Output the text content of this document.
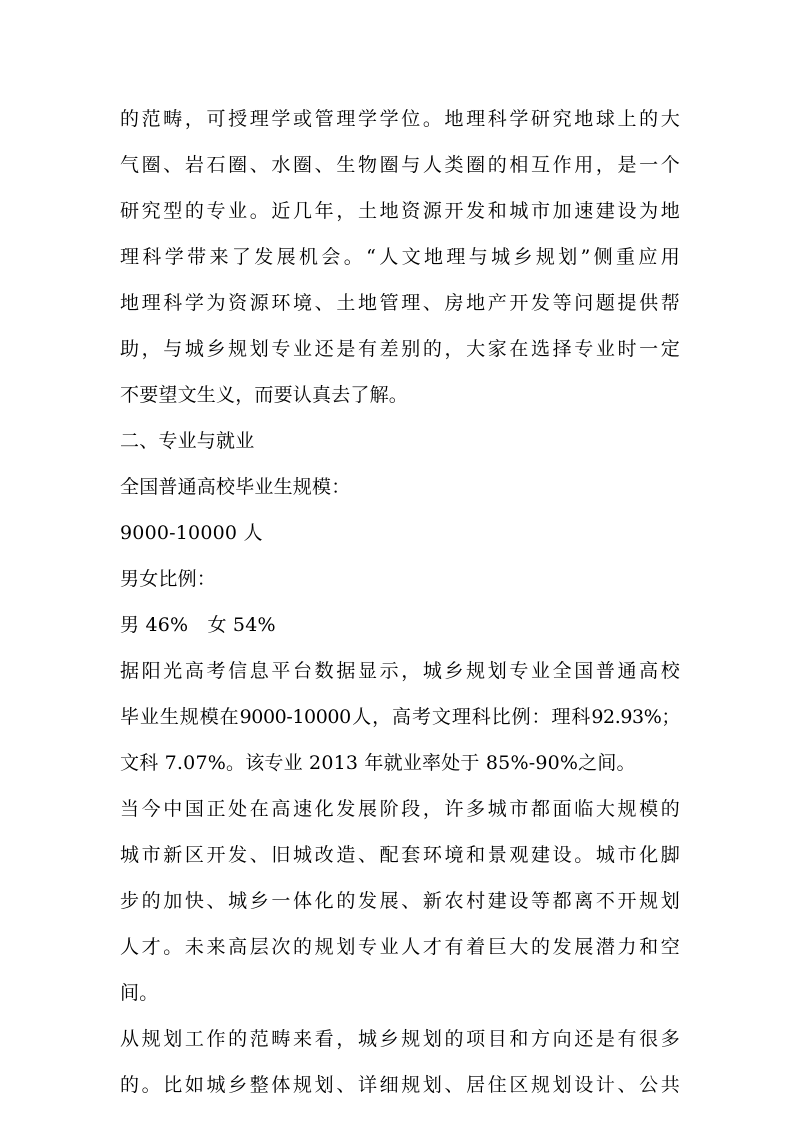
的范畴，可授理学或管理学学位。地理科学研究地球上的大
气圈、岩石圈、水圈、生物圈与人类圈的相互作用，是一个
研究型的专业。近几年，土地资源开发和城市加速建设为地
理科学带来了发展机会。“人文地理与城乡规划”侧重应用
地理科学为资源环境、土地管理、房地产开发等问题提供帮
助，与城乡规划专业还是有差别的，大家在选择专业时一定
不要望文生义，而要认真去了解。
二、专业与就业
全国普通高校毕业生规模：
9000-10000 人
男女比例：
男 46%　女 54%
据阳光高考信息平台数据显示，城乡规划专业全国普通高校
毕业生规模在9000-10000人，高考文理科比例：理科92.93%；
文科 7.07%。该专业 2013 年就业率处于 85%-90%之间。
当今中国正处在高速化发展阶段，许多城市都面临大规模的
城市新区开发、旧城改造、配套环境和景观建设。城市化脚
步的加快、城乡一体化的发展、新农村建设等都离不开规划
人才。未来高层次的规划专业人才有着巨大的发展潜力和空
间。
从规划工作的范畴来看，城乡规划的项目和方向还是有很多
的。比如城乡整体规划、详细规划、居住区规划设计、公共
